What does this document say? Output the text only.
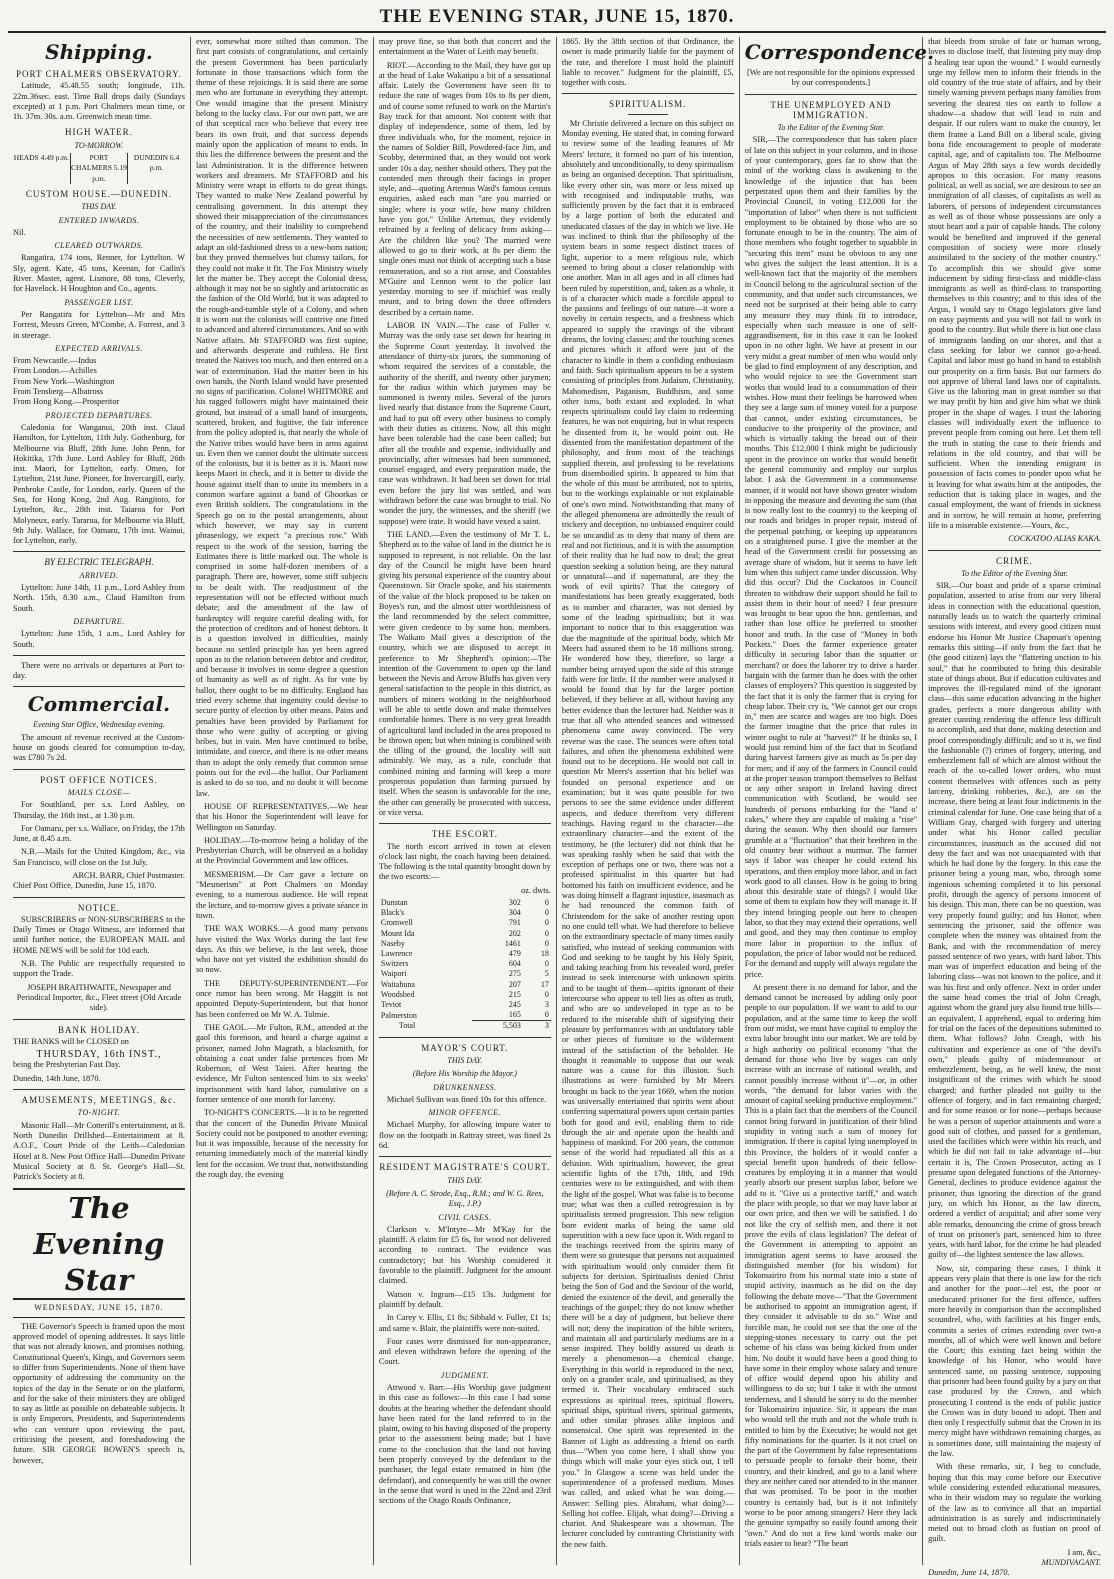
THE EVENING STAR, JUNE 15, 1870.
Shipping.
PORT CHALMERS OBSERVATORY.

Latitude, 45.48.55 south; longitude, 11h. 22m.36sec. east. Time Ball drops daily (Sundays excepted) at 1 p.m. Port Chalmers mean time, or 1h. 37m. 30s. a.m. Greenwich mean time.

HIGH WATER.
TO-MORROW.
HEADS 4.49 p.m.	PORT CHALMERS 5.19 p.m.
DUNEDIN 6.4 p.m.
CUSTOM HOUSE.—DUNEDIN.
THIS DAY.
ENTERED INWARDS.

Nil.

CLEARED OUTWARDS.

Rangatira, 174 tons, Renner, for Lyttelton. W Sly, agent. Kate, 45 tons, Keenan, for Catlin's River. Master, agent. Lismore, 88 tons, Cleverly, for Havelock. H Houghton and Co., agents.

PASSENGER LIST.

Per Rangatira for Lyttelton—Mr and Mrs Forrest, Messrs Green, M'Combe, A. Forrest, and 3 in steerage.

EXPECTED ARRIVALS.
From Newcastle.—Indus
From London.—Achilles
From New York—Washington
From Tensberg—Albatross
From Hong Kong.—Prosperitor
PROJECTED DEPARTURES.

Caledonia for Wanganui, 20th inst. Claud Hamilton, for Lyttelton, 11th July. Gothenburg, for Melbourne via Bluff, 28th June. John Penn, for Hokitika, 17th June. Lord Ashley for Bluff, 26th inst. Maori, for Lyttelton, early. Omeo, for Lyttelton, 21st June. Pioneer, for Invercargill, early. Penbroke Castle, for London, early. Queen of the Sea, for Hong Kong, 2nd Aug. Rangitoto, for Lyttelton, &c., 28th inst. Taiaroa for Port Molyneux, early. Tararua, for Melbourne via Bluff, 9th July. Wallace, for Oamaru, 17th inst. Wainui, for Lyttelton, early.

BY ELECTRIC TELEGRAPH.
ARRIVED.

Lyttelton: June 14th, 11 p.m., Lord Ashley from North. 15th, 8.30 a.m., Claud Hamilton from South.

DEPARTURE.

Lyttelton: June 15th, 1 a.m., Lord Ashley for South.

There were no arrivals or departures at Port to-day.

Commercial.
Evening Star Office, Wednesday evening.

The amount of revenue received at the Custom-house on goods cleared for consumption to-day, was £780 7s 2d.

POST OFFICE NOTICES.
MAILS CLOSE—

For Southland, per s.s. Lord Ashley, on Thursday, the 16th inst., at 1.30 p.m.

For Oamaru, per s.s. Wallace, on Friday, the 17th June, at 8.45 a.m.

N.B.—Mails for the United Kingdom, &c., via San Francisco, will close on the 1st July.

ARCH. BARR, Chief Postmaster.

Chief Post Office, Dunedin, June 15, 1870.

NOTICE.

SUBSCRIBERS or NON-SUBSCRIBERS to the Daily Times or Otago Witness, are informed that until further notice, the EUROPEAN MAIL and HOME NEWS will be sold for 10d each.

N.B. The Public are respectfully requested to support the Trade.

JOSEPH BRAITHWAITE, Newspaper and Periodical Importer, &c., Fleet street (Old Arcade side).

BANK HOLIDAY.

THE BANKS will be CLOSED on

THURSDAY, 16th INST.,

being the Presbyterian Fast Day.

Dunedin, 14th June, 1870.

AMUSEMENTS, MEETINGS, &c.
TO-NIGHT.

Masonic Hall—Mr Cotterill's entertainment, at 8. North Dunedin Drillshed—Entertainment at 8. A.O.F., Court Pride of the Leith—Caledonian Hotel at 8. New Post Office Hall—Dunedin Private Musical Society at 8. St. George's Hall—St. Patrick's Society at 8.

The Evening Star
WEDNESDAY, JUNE 15, 1870.

THE Governor's Speech is framed upon the most approved model of opening addresses. It says little that was not already known, and promises nothing. Constitutional Queen's, Kings, and Governors seem to differ from Superintendents. None of them have opportunity of addressing the community on the topics of the day in the Senate or on the platform, and for the sake of their ministers they are obliged to say as little as possible on debateable subjects. It is only Emperors, Presidents, and Superintendents who can venture upon reviewing the past, criticising the present, and foreshadowing the future. SIR GEORGE BOWEN'S speech is, however,

ever, somewhat more stilted than common. The first part consists of congratulations, and certainly the present Government has been particularly fortunate in those transactions which form the theme of these rejoicings. It is said there are some men who are fortunate in everything they attempt. One would imagine that the present Ministry belong to the lucky class. For our own part, we are of that sceptical race who believe that every tree bears its own fruit, and that success depends mainly upon the application of means to ends. In this lies the difference between the present and the last Administration. It is the difference between workers and dreamers. Mr STAFFORD and his Ministry were wrapt in efforts to do great things. They wanted to make New Zealand powerful by centralising government. In this attempt they showed their misappreciation of the circumstances of the country, and their inability to comprehend the necessities of new settlements. They wanted to adapt an old-fashioned dress to a new-born nation; but they proved themselves but clumsy tailors, for they could not make it fit. The Fox Ministry wisely let the matter be. They accept the Colonial dress, although it may not be so sightly and aristocratic as the fashion of the Old World, but it was adapted to the rough-and-tumble style of a Colony, and when it is worn out the colonists will contrive one fitted to advanced and altered circumstances. And so with Native affairs. Mr STAFFORD was first supine, and afterwards desperate and ruthless. He first treated the Natives too much, and then entered on a war of extermination. Had the matter been in his own hands, the North Island would have presented no signs of pacification. Colonel WHITMORE and his ragged followers might have maintained their ground, but instead of a small band of insurgents, scattered, broken, and fugitive, the fair inference from the policy adopted is, that nearly the whole of the Native tribes would have been in arms against us. Even then we cannot doubt the ultimate success of the colonists, but it is better as it is. Maori now keeps Maori in check, and it is better to divide the house against itself than to unite its members in a common warfare against a band of Ghoorkas or even British soldiers. The congratulations in the Speech go on to the postal arrangements, about which however, we may say in current phraseology, we expect "a precious row." With respect to the work of the session, barring the Estimates there is little marked out. The whole is comprised in some half-dozen members of a paragraph. There are, however, some stiff subjects to be dealt with. The readjustment of the representation will not be effected without much debate; and the amendment of the law of bankruptcy will require careful dealing with, for the protection of creditors and of honest debtors. It is a question involved in difficulties, mainly because no settled principle has yet been agreed upon as to the relation between debtor and creditor, and because it involves in some degree a question of humanity as well as of right. As for vote by ballot, there ought to be no difficulty. England has tried every scheme that ingenuity could devise to secure purity of election by other means. Pains and penalties have been provided by Parliament for those who were guilty of accepting or giving bribes, but in vain. Men have continued to bribe, intimidate, and coerce, and there is no other means than to adopt the only remedy that common sense points out for the evil—the ballot. Our Parliament is asked to do so too, and no doubt it will become law.

HOUSE OF REPRESENTATIVES.—We hear that his Honor the Superintendent will leave for Wellington on Saturday.

HOLIDAY.—To-morrow being a holiday of the Presbyterian Church, will be observed as a holiday at the Provincial Government and law offices.

MESMERISM.—Dr Carr gave a lecture on "Mesmerism" at Port Chalmers on Monday evening, to a numerous audience. He will repeat the lecture, and to-morrow gives a private séance in town.

THE WAX WORKS.—A good many persons have visited the Wax Works during the last few days. As this we believe, is the last week, those who have not yet visited the exhibition should do so now.

THE DEPUTY-SUPERINTENDENT.—For once rumor has been wrong. Mr Haggitt is not appointed Deputy-Superintendent, but that honor has been conferred on Mr W. A. Tolmie.

THE GAOL.—Mr Fulton, R.M., attended at the gaol this forenoon, and heard a charge against a prisoner, named John Magrath, a blacksmith, for obtaining a coat under false pretences from Mr Robertson, of West Taieri. After hearing the evidence, Mr Fulton sentenced him to six weeks' imprisonment with hard labor, cumulative on a former sentence of one month for larceny.

TO-NIGHT'S CONCERTS.—It is to be regretted that the concert of the Dunedin Private Musical Society could not be postponed to another evening; but it was impossible, because of the necessity for returning immediately much of the material kindly lent for the occasion. We trust that, notwithstanding the rough day, the evening

may prove fine, so that both that concert and the entertainment at the Water of Leith may benefit.

RIOT.—According to the Mail, they have got up at the head of Lake Wakatipu a bit of a sensational affair. Lately the Government have seen fit to reduce the rate of wages from 10s to 8s per diem, and of course some refused to work on the Martin's Bay track for that amount. Not content with that display of independence, some of them, led by three individuals who, for the moment, rejoice in the names of Soldier Bill, Powdered-face Jim, and Scobby, determined that, as they would not work under 10s a day, neither should others. They put the contended men through their facings in proper style, and—quoting Artemus Ward's famous census enquiries, asked each man "are you married or single; where is your wife, how many children have you got." Unlike Artemus, they evidently refrained by a feeling of delicacy from asking—Are the children like you? The married were allowed to go to their work, at 8s per diem: the single ones must not think of accepting such a base remuneration, and so a riot arose, and Constables M'Guire and Lennon went to the police last yesterday morning to see if mischief was really meant, and to bring down the three offenders described by a certain name.

LABOR IN VAIN.—The case of Fuller v. Murray was the only case set down for hearing in the Supreme Court yesterday. It involved the attendance of thirty-six jurors, the summoning of whom required the services of a constable, the authority of the sheriff, and twenty other jurymen; for the radius within which jurymen may be summoned is twenty miles. Several of the jurors lived nearly that distance from the Supreme Court, and had to put off every other business to comply with their duties as citizens. Now, all this might have been tolerable had the case been called; but after all the trouble and expense, individually and provincially, after witnesses had been summoned, counsel engaged, and every preparation made, the case was withdrawn. It had been set down for trial even before the jury list was settled, and was withdrawn before the case was brought to trial. No wonder the jury, the witnesses, and the sheriff (we suppose) were irate. It would have vexed a saint.

THE LAND.—Even the testimony of Mr T. L. Shepherd as to the value of land in the district he is supposed to represent, is not reliable. On the last day of the Council he might have been heard giving his personal experience of the country about Queenstown. Sir Oracle spoke, and his statements of the value of the block proposed to be taken on Boyes's run, and the almost utter worthlessness of the land recommended by the select committee, were given credence to by some hon. members. The Waikato Mail gives a description of the country, which we are disposed to accept in preference to Mr Shepherd's opinion:—The intention of the Government to open up the land between the Nevis and Arrow Bluffs has given very general satisfaction to the people in this district, as numbers of miners working in the neighborhood will be able to settle down and make themselves comfortable homes. There is no very great breadth of agricultural land included in the area proposed to be thrown open; but when mining is combined with the tilling of the ground, the locality will suit admirably. We may, as a rule, conclude that combined mining and farming will keep a more prosperous population than farming pursued by itself. When the season is unfavorable for the one, the other can generally be prosecuted with success, or vice versa.

THE ESCORT.

The north escort arrived in town at eleven o'clock last night, the coach having been detained. The following is the total quantity brought down by the two escorts:—

oz. dwts.
Dunstan	302	0
Black's	304	0
Cromwell	791	0
Mount Ida	202	0
Naseby	1461	0
Lawrence	479	18
Switzers	604	0
Waipori	275	5
Waitahuna	207	17
Woodsbed	215	0
Teviot	245	3
Palmerston	165	0
Total	5,503	3
MAYOR'S COURT.
THIS DAY.
(Before His Worship the Mayor.)
DRUNKENNESS.

Michael Sullivan was fined 10s for this offence.

MINOR OFFENCE.

Michael Murphy, for allowing impure water to flow on the footpath in Rattray street, was fined 2s 6d.

RESIDENT MAGISTRATE'S COURT.
THIS DAY.
(Before A. C. Strode, Esq., R.M.; and W. G. Rees, Esq., J.P.)
CIVIL CASES.

Clarkson v. M'Intyre—Mr M'Kay for the plaintiff. A claim for £5 6s, for wood not delivered according to contract. The evidence was contradictory; but his Worship considered it favorable to the plaintiff. Judgment for the amount claimed.

Watson v. Ingram—£15 13s. Judgment for plaintiff by default.

In Carey v. Ellis, £1 8s; Sibbald v. Fuller, £1 1s; and same v. Blair, the plaintiffs were non-suited.

Four cases were dismissed for non-appearance, and eleven withdrawn before the opening of the Court.

JUDGMENT.

Attwood v. Barr.—His Worship gave judgment in this case as follows:—In this case I had some doubts at the hearing whether the defendant should have been rated for the land referred to in the plaint, owing to his having disposed of the property prior to the assessment being made; but I have come to the conclusion that the land not having been properly conveyed by the defendant to the purchaser, the legal estate remained in him (the defendant), and consequently he was still the owner in the sense that word is used in the 22nd and 23rd sections of the Otago Roads Ordinance,

1865. By the 38th section of that Ordinance, the owner is made primarily liable for the payment of the rate, and therefore I must hold the plaintiff liable to recover." Judgment for the plaintiff, £5, together with costs.

SPIRITUALISM.

Mr Christie delivered a lecture on this subject on Monday evening. He stated that, in coming forward to review some of the leading features of Mr Meers' lecture, it formed no part of his intention, absolutely and unconditionally, to deny spiritualism as being an organised deception. That spiritualism, like every other sin, was more or less mixed up with recognised and indisputable truths, was sufficiently proven by the fact that it is embraced by a large portion of both the educated and uneducated classes of the day in which we live. He was inclined to think that the philosophy of the system bears in some respect distinct traces of light, superior to a mere religious rule, which seemed to bring about a closer relationship with one another. Man in all ages and in all climes had been ruled by superstition, and, taken as a whole, it is of a character which made a forcible appeal to the passions and feelings of our nature—it wore a novelty in certain respects, and a freshness which appeared to supply the cravings of the vibrant dreams, the loving classes; and the touching scenes and pictures which it afford were just of the character to kindle in them a confiding enthusiasm and faith. Such spiritualism appears to be a system consisting of principles from Judaism, Christianity, Mahomedism, Paganism, Buddhism, and some other isms, both extant and exploded. In what respects spiritualism could lay claim to redeeming features, he was not enquiring, but in what respects he dissented from it, he would point out. He dissented from the manifestation department of the philosophy, and from most of the teachings supplied therein, and professing to be revelations from disembodied spirits. It appeared to him that the whole of this must be attributed, not to spirits, but to the workings explainable or not explainable of one's own mind. Notwithstanding that many of the alleged phenomena are admittedly the result of trickery and deception, no unbiassed enquirer could be so uncandid as to deny that many of them are real and not fictitious, and it is with the assumption of their reality that he had now to deal; the great question seeking a solution being, are they natural or unnatural—and if supernatural, are they the work of evil spirits? That the category of manifestations has been greatly exaggerated, both as to number and character, was not denied by some of the leading spiritualists; but it was important to notice that to this exaggeration was due the magnitude of the spiritual body, which Mr Meers had assured them to be 18 millions strong. He wondered how they, therefore, so large a number being arrayed upon the side of this strange faith were for little. If the number were analysed it would be found that by far the larger portion believed, if they believe at all, without having any better evidence than the lecturer had. Neither was it true that all who attended seances and witnessed phenomena came away convinced. The very reverse was the case. The seances were often total failures, and often the phenomena exhibited were found out to be deceptions. He would not call in question Mr Meers's assertion that his belief was founded on personal experience and on examination; but it was quite possible for two persons to see the same evidence under different aspects, and deduce therefrom very different teachings. Having regard to the character—the extraordinary character—and the extent of the testimony, he (the lecturer) did not think that he was speaking rashly when he said that with the exception of perhaps one or two, there was not a professed spiritualist in this quarter but had bottomed his faith on insufficient evidence, and he was doing himself a flagrant injustice, inasmuch as he had renounced the common faith of Christendom for the sake of another resting upon no one could tell what. We had therefore to believe on the extraordinary spectacle of many times easily satisfied, who instead of seeking communion with God and seeking to be taught by his Holy Spirit, and taking teaching from his revealed word, prefer instead to seek intercourse with unknown spirits and to be taught of them—spirits ignorant of their intercourse who appear to tell lies as often as truth, and who are so undeveloped in type as to be reduced to the miserable shift of signifying their pleasure by performances with an undulatory table or other pieces of furniture to the wilderment instead of the satisfaction of the beholder. He thought it reasonable to suppose that our weak nature was a cause for this illusion. Such illustrations as were furnished by Mr Meers brought us back to the year 1669, when the notion was universally entertained that spirits went about conferring supernatural powers upon certain parties both for good and evil, enabling them to ride through the air and operate upon the health and happiness of mankind. For 200 years, the common sense of the world had repudiated all this as a delusion. With spiritualism, however, the great scientific lights of the 17th, 18th, and 19th centuries were to be extinguished, and with them the light of the gospel. What was false is to become true; what was then a culled retrogression is by spiritualists termed progression. This new religion bore evident marks of being the same old superstition with a new face upon it. With regard to the teachings received from the spirits many of them were so grotesque that persons not acquainted with spiritualism would only consider them fit subjects for derision. Spiritualists denied Christ being the Son of God and the Saviour of the world, denied the existence of the devil, and generally the teachings of the gospel; they do not know whether there will be a day of judgment, but believe there will not; deny the inspiration of the bible writers, and maintain all and particularly mediums are in a sense inspired. They boldly assured us death is merely a phenomenon—a chemical change. Everything in this world is reproduced in the next, only on a grander scale, and spiritualised, as they termed it. Their vocabulary embraced such expressions as spiritual trees, spiritual flowers, spiritual ships, spiritual rivers, spiritual garments, and other similar phrases alike impious and nonsensical. One spirit was represented in the Banner of Light as addressing a friend on earth thus—"When you come here, I shall show you things which will make your eyes stick out, I tell you." In Glasgow a scene was held under the superintendence of a professed medium. Moses was called, and asked what he was doing.—Answer: Selling pies. Abraham, what doing?—Selling hot coffee. Elijah, what doing?—Driving a chariot. And Shakespeare was a showman. The lecturer concluded by contrasting Christianity with the new faith.

Correspondence.

[We are not responsible for the opinions expressed by our correspondents.]

THE UNEMPLOYED AND IMMIGRATION.
To the Editor of the Evening Star.

SIR,—The correspondence that has taken place of late on this subject in your columns, and in those of your contemporary, goes far to show that the mind of the working class is awakening to the knowledge of the injustice that has been perpetrated upon them and their families by the Provincial Council, in voting £12,000 for the "importation of labor" when there is not sufficient employment to be obtained by those who are so fortunate enough to be in the country. The aim of those members who fought together to squabble in "securing this item" must be obvious to any one who gives the subject the least attention. It is a well-known fact that the majority of the members in Council belong to the agricultural section of the community, and that under such circumstances, we need not be surprised at their being able to carry any measure they may think fit to introduce, especially when such measure is one of self-aggrandisement, for in this case it can be looked upon in no other light. We have at present in our very midst a great number of men who would only be glad to find employment of any description, and who would rejoice to see the Government start works that would lead to a consummation of their wishes. How must their feelings be harrowed when they see a large sum of money voted for a purpose that cannot, under existing circumstances, be conducive to the prosperity of the province, and which is virtually taking the bread out of their mouths. This £12,000 I think might be judiciously spent in the province on works that would benefit the general community and employ our surplus labor. I ask the Government in a commonsense manner, if it would not have shown greater wisdom in opposing the measure and devoting the sum (that is now really lost to the country) to the keeping of our roads and bridges in proper repair, instead of the perpetual patching, or keeping up appearances on a straightened purse. I give the member at the head of the Government credit for possessing an average share of wisdom, but it seems to have left him when this subject came under discussion. Why did this occur? Did the Cockatoos in Council threaten to withdraw their support should he fail to assist them in their hour of need? I fear pressure was brought to bear upon the hon. gentleman, and rather than lose office he preferred to smother honor and truth. In the case of "Money in both Pockets." Does the farmer experience greater difficulty in securing labor than the squatter or merchant? or does the laborer try to drive a harder bargain with the farmer than he does with the other classes of employers? This question is suggested by the fact that it is only the farmer that is crying for cheap labor. Their cry is, "We cannot get our crops in," men are scarce and wages are too high. Does the farmer imagine that the price that rules in winter ought to rule at "harvest?" If he thinks so, I would just remind him of the fact that in Scotland during harvest farmers give as much as 5s per day for men; and if any of the farmers in Council could at the proper season transport themselves to Belfast or any other seaport in Ireland having direct communication with Scotland, he would see hundreds of persons embarking for the "land o' cakes," where they are capable of making a "rise" during the season. Why then should our farmers grumble at a "fluctuation" that their brethren in the old country bear without a murmur. The farmer says if labor was cheaper he could extend his operations, and then employ more labor, and in fact work good to all classes. How is he going to bring about this desirable state of things? I would like some of them to explain how they will manage it. If they intend bringing people out here to cheapen labor, so that they may extend their operations, well and good, and they may then continue to employ more labor in proportion to the influx of population, the price of labor would not be reduced. For the demand and supply will always regulate the price.

At present there is no demand for labor, and the demand cannot be increased by adding only poor people to our population. If we want to add to our population, and at the same time to keep the wolf from our midst, we must have capital to employ the extra labor brought into our market. We are told by a high authority on political economy "that the demand for those who live by wages can only increase with an increase of national wealth, and cannot possibly increase without it"—or, in other words, "the demand for labor varies with the amount of capital seeking productive employment." This is a plain fact that the members of the Council cannot bring forward in justification of their blind stupidity in voting such a sum of money for immigration. If there is capital lying unemployed in this Province, the holders of it would confer a special benefit upon hundreds of their fellow-creatures by employing it in a manner that would yearly absorb our present surplus labor, before we add to it. "Give us a protective tariff," and watch the place with people, so that we may have labor at our own price, and then we will be satisfied. I do not like the cry of selfish men, and there it not prove the evils of class legislation? The defeat of the Government in attempting to appoint an immigration agent seems to have aroused the distinguished member (for his wisdom) for Tokomairiro from his normal state into a state of stupid activity, inasmuch as he did on the day following the debate move—"That the Government be authorised to appoint an immigration agent, if they consider it advisable to do so." Wise and forcible man, he could not see that the one of the stepping-stones necessary to carry out the pet scheme of his class was being kicked from under him. No doubt it would have been a good thing to have some in their employ whose salary and tenure of office would depend upon his ability and willingness to do so; but I take it with the utmost tenderness, and I should be sorry to do the member for Tokomairiro injustice. Sir, it appears the man who would tell the truth and not the whole truth is entitled to him by the Executive; he would not get fifty nominations for the quarter. Is it not cruel on the part of the Government by false representations to persuade people to forsake their home, their country, and their kindred, and go to a land where they are neither cared nor attended to in the manner that was promised. To be poor in the mother country is certainly bad, but is it not infinitely worse to be poor among strangers? Here they lack the genuine sympathy so easily found among their "own." And do not a few kind words make our trials easier to bear? "The heart

that bleeds from stroke of fate or human wrong, loves to disclose itself, that listening pity may drop a healing tear upon the wound." I would earnestly urge my fellow men to inform their friends in the old country of the true state of affairs, and by their timely warning prevent perhaps many families from severing the dearest ties on earth to follow a shadow—a shadow that will lead to ruin and despair. If our rulers want to make the country, let them frame a Land Bill on a liberal scale, giving bona fide encouragement to people of moderate capital, age, and of capitalists too. The Melbourne Argus of May 28th says a few words decidedly apropos to this occasion. For many reasons political, as well as social, we are desirous to see an immigration of all classes, of capitalists as well as laborers, of persons of independent circumstances as well as of those whose possessions are only a stout heart and a pair of capable hands. The colony would be benefited and improved if the general composition of society were more closely assimilated to the society of the mother country." To accomplish this we should give some inducement by siding first-class and middle-class immigrants as well as third-class to transporting themselves to this country; and to this idea of the Argus, I would say to Otago legislators give land on easy payments and you will not fail to work in good to the country. But while there is but one class of immigrants landing on our shores, and that a class seeking for labor we cannot go-a-head. Capital and labor must go hand in hand to establish our prosperity on a firm basis. But our farmers do not approve of liberal land laws nor of capitalists. Give us the laboring man in great number so that we may profit by him and give him what we think proper in the shape of wages. I trust the laboring classes will individually exert the influence to prevent people from coming out here. Let them tell the truth in stating the case to their friends and relations in the old country, and that will be sufficient. When the intending emigrant in possession of facts comes to ponder upon what he is leaving for what awaits him at the antipodes, the reduction that is taking place in wages, and the casual employment, the want of friends in sickness and in sorrow, he will remain at home, preferring life to a miserable existence.—Yours, &c.,

COCKATOO ALIAS KAKA.
CRIME.
To the Editor of the Evening Star.

SIR,—Our boast and pride of a sparse criminal population, asserted to arise from our very liberal ideas in connection with the educational question, naturally leads us to watch the quarterly criminal sessions with interest, and every good citizen must endorse his Honor Mr Justice Chapman's opening remarks this sitting—if only from the fact that he (the good citizen) lays the "flattering unction to his soul," that he contributed to bring this desirable state of things about. But if education cultivates and improves the ill-regulated mind of the ignorant class—this same education advancing in the higher grades, perfects a more dangerous ability with greater cunning rendering the offence less difficult to accomplish, and that done, making detection and proof correspondingly difficult; and so it is, we find the fashionable (?) crimes of forgery, uttering, and embezzlement fall of which are almost without the reach of the so-called lower orders, who must content themselves with offences such as petty larceny, drinking robberies, &c.), are on the increase, there being at least four indictments in the criminal calendar for June. One case being that of a William Gray, charged with forgery and uttering under what his Honor called peculiar circumstances, inasmuch as the accused did not deny the fact and was not unacquainted with that which he had done by the forgery. In this case the prisoner being a young man, who, through some ingenious scheming completed it to his personal profit, through the agency of persons innocent of his design. This man, there can be no question, was very properly found guilty; and his Honor, when sentencing the prisoner, said the offence was complete when the money was obtained from the Bank, and with the recommendation of mercy passed sentence of two years, with hard labor. This man was of imperfect education and being of the laboring class—was not known to the police, and it was his first and only offence. Next in order under the same head comes the trial of John Creagh, against whom the grand jury also found true bills—an equivalent, I apprehend, equal to ordering him for trial on the faces of the depositions submitted to them. What follows? John Creagh, with his cultivation and experience as one of "the devil's own," pleads guilty of misdemeanour or embezzlement, being, as he well knew, the most insignificant of the crimes with which he stood charged; and further pleaded not guilty to the offence of forgery, and in fact remaining charged; and for some reason or for none—perhaps because he was a person of superior attainments and wore a good suit of clothes, and passed for a gentleman, used the facilities which were within his reach, and which he did not fail to take advantage of—but certain it is, The Crown Prosecutor, acting as I presume upon delegated functions of the Attorney-General, declines to produce evidence against the prisoner, thus ignoring the direction of the grand jury, on which his Honor, as the law directs, ordered a verdict of acquittal; and after some very able remarks, denouncing the crime of gross breach of trust on prisoner's part, sentenced him to three years, with hard labor, for the crime he had pleaded guilty of—the lightest sentence the law allows.

Now, sir, comparing these cases, I think it appears very plain that there is one law for the rich and another for the poor—tel est, the poor or uneducated prisoner for the first offence, suffers more heavily in comparison than the accomplished scoundrel, who, with facilities at his finger ends, commits a series of crimes extending over two-a months, all of which were well known and before the Court; this existing fact being within the knowledge of his Honor, who would have sentenced same, on passing sentence, supposing that prisoner had been found guilty by a jury on that case produced by the Crown, and which prosecuting I contend is the ends of public justice the Crown was in duty bound to adopt. Then and then only I respectfully submit that the Crown in its mercy might have withdrawn remaining charges, as is sometimes done, still maintaining the majesty of the law.

With these remarks, sir, I beg to conclude, hoping that this may come before our Executive while considering extended educational measures, who in their wisdom may so regulate the working of the law as to convince all that an impartial administration is as surely and indiscriminately meted out to broad cloth as fustian on proof of guilt.

I am, &c.,
MUNDIVAGANT.

Dunedin, June 14, 1870.
